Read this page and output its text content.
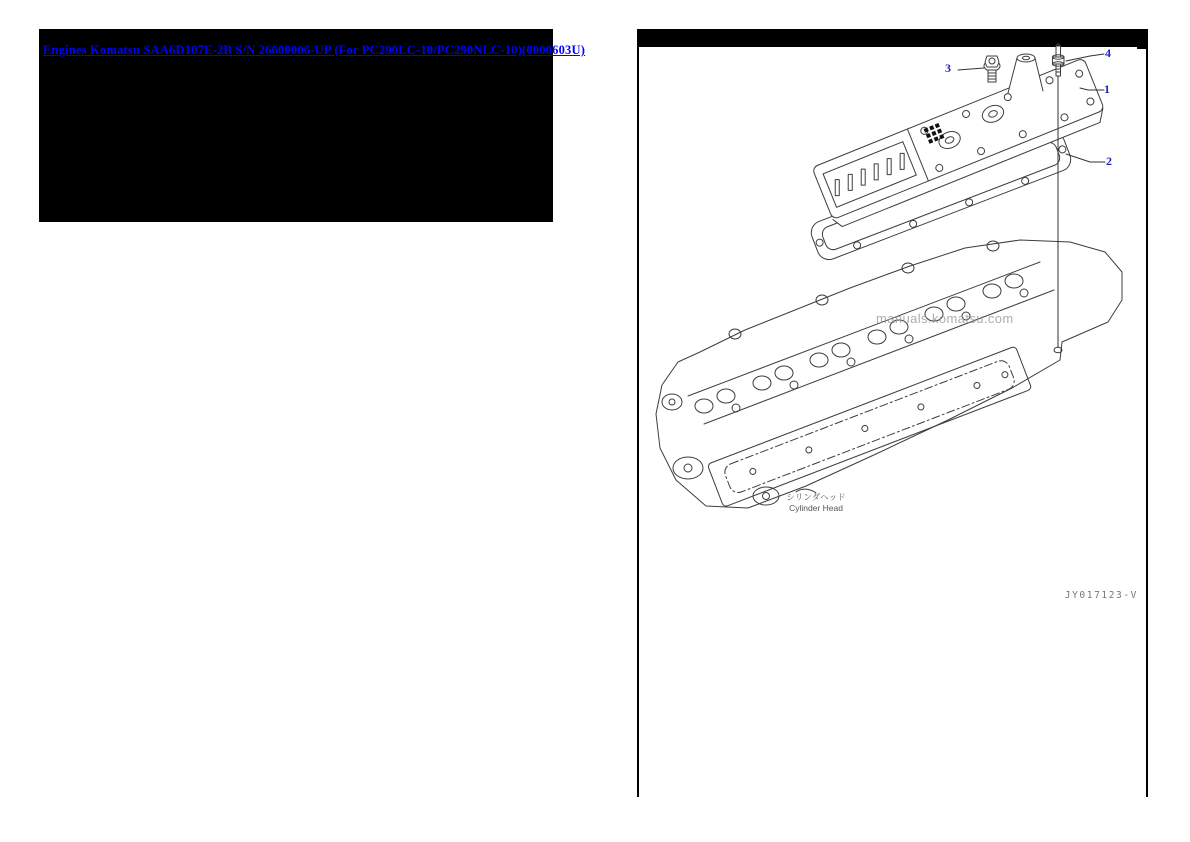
Engines Komatsu SAA6D107E-2B S/N 26600006-UP (For PC290LC-10/PC290NLC-10)(0000603U)
1
2
3
4
manuals.komatsu.com
シリンダヘッド
Cylinder Head
JY017123-V
